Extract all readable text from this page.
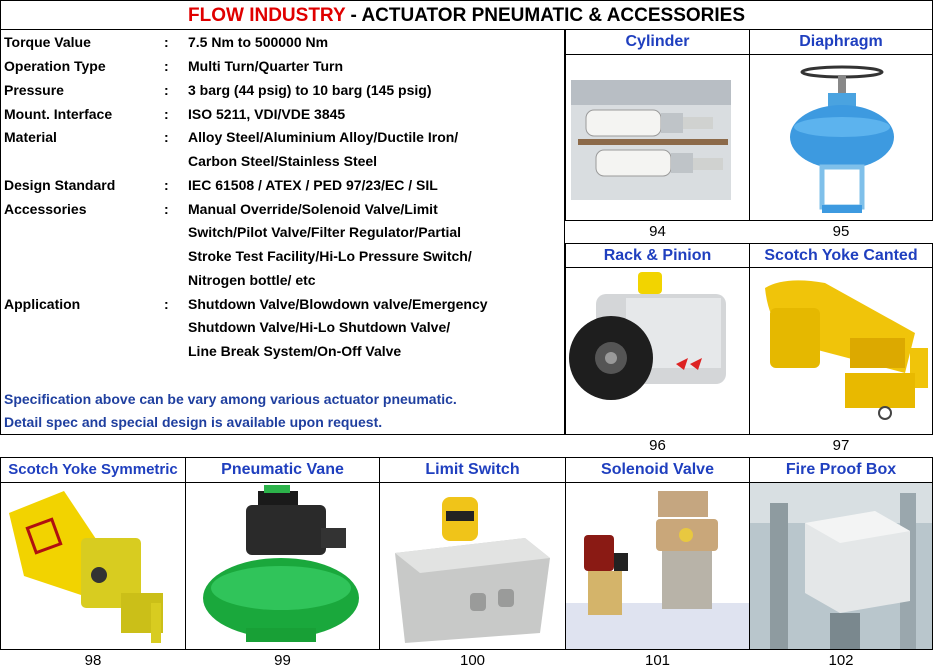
FLOW INDUSTRY - ACTUATOR PNEUMATIC & ACCESSORIES
Torque Value	:	7.5 Nm to 500000 Nm
Operation Type	:	Multi Turn/Quarter Turn
Pressure	:	3 barg (44 psig) to 10 barg (145 psig)
Mount. Interface	:	ISO 5211, VDI/VDE 3845
Material	:	Alloy Steel/Aluminium Alloy/Ductile Iron/
Carbon Steel/Stainless Steel
Design Standard	:	IEC 61508 / ATEX / PED 97/23/EC / SIL
Accessories	:	Manual Override/Solenoid Valve/Limit
Switch/Pilot Valve/Filter Regulator/Partial
Stroke Test Facility/Hi-Lo Pressure Switch/
Nitrogen bottle/ etc
Application	:	Shutdown Valve/Blowdown valve/Emergency
Shutdown Valve/Hi-Lo Shutdown Valve/
Line Break System/On-Off Valve
Specification above can be vary among various actuator pneumatic.
Detail spec and special design is available upon request.
Cylinder
94
Diaphragm
95
Rack & Pinion
96
Scotch Yoke Canted
97
Scotch Yoke Symmetric
98
Pneumatic Vane
99
Limit Switch
100
Solenoid Valve
101
Fire Proof Box
102
